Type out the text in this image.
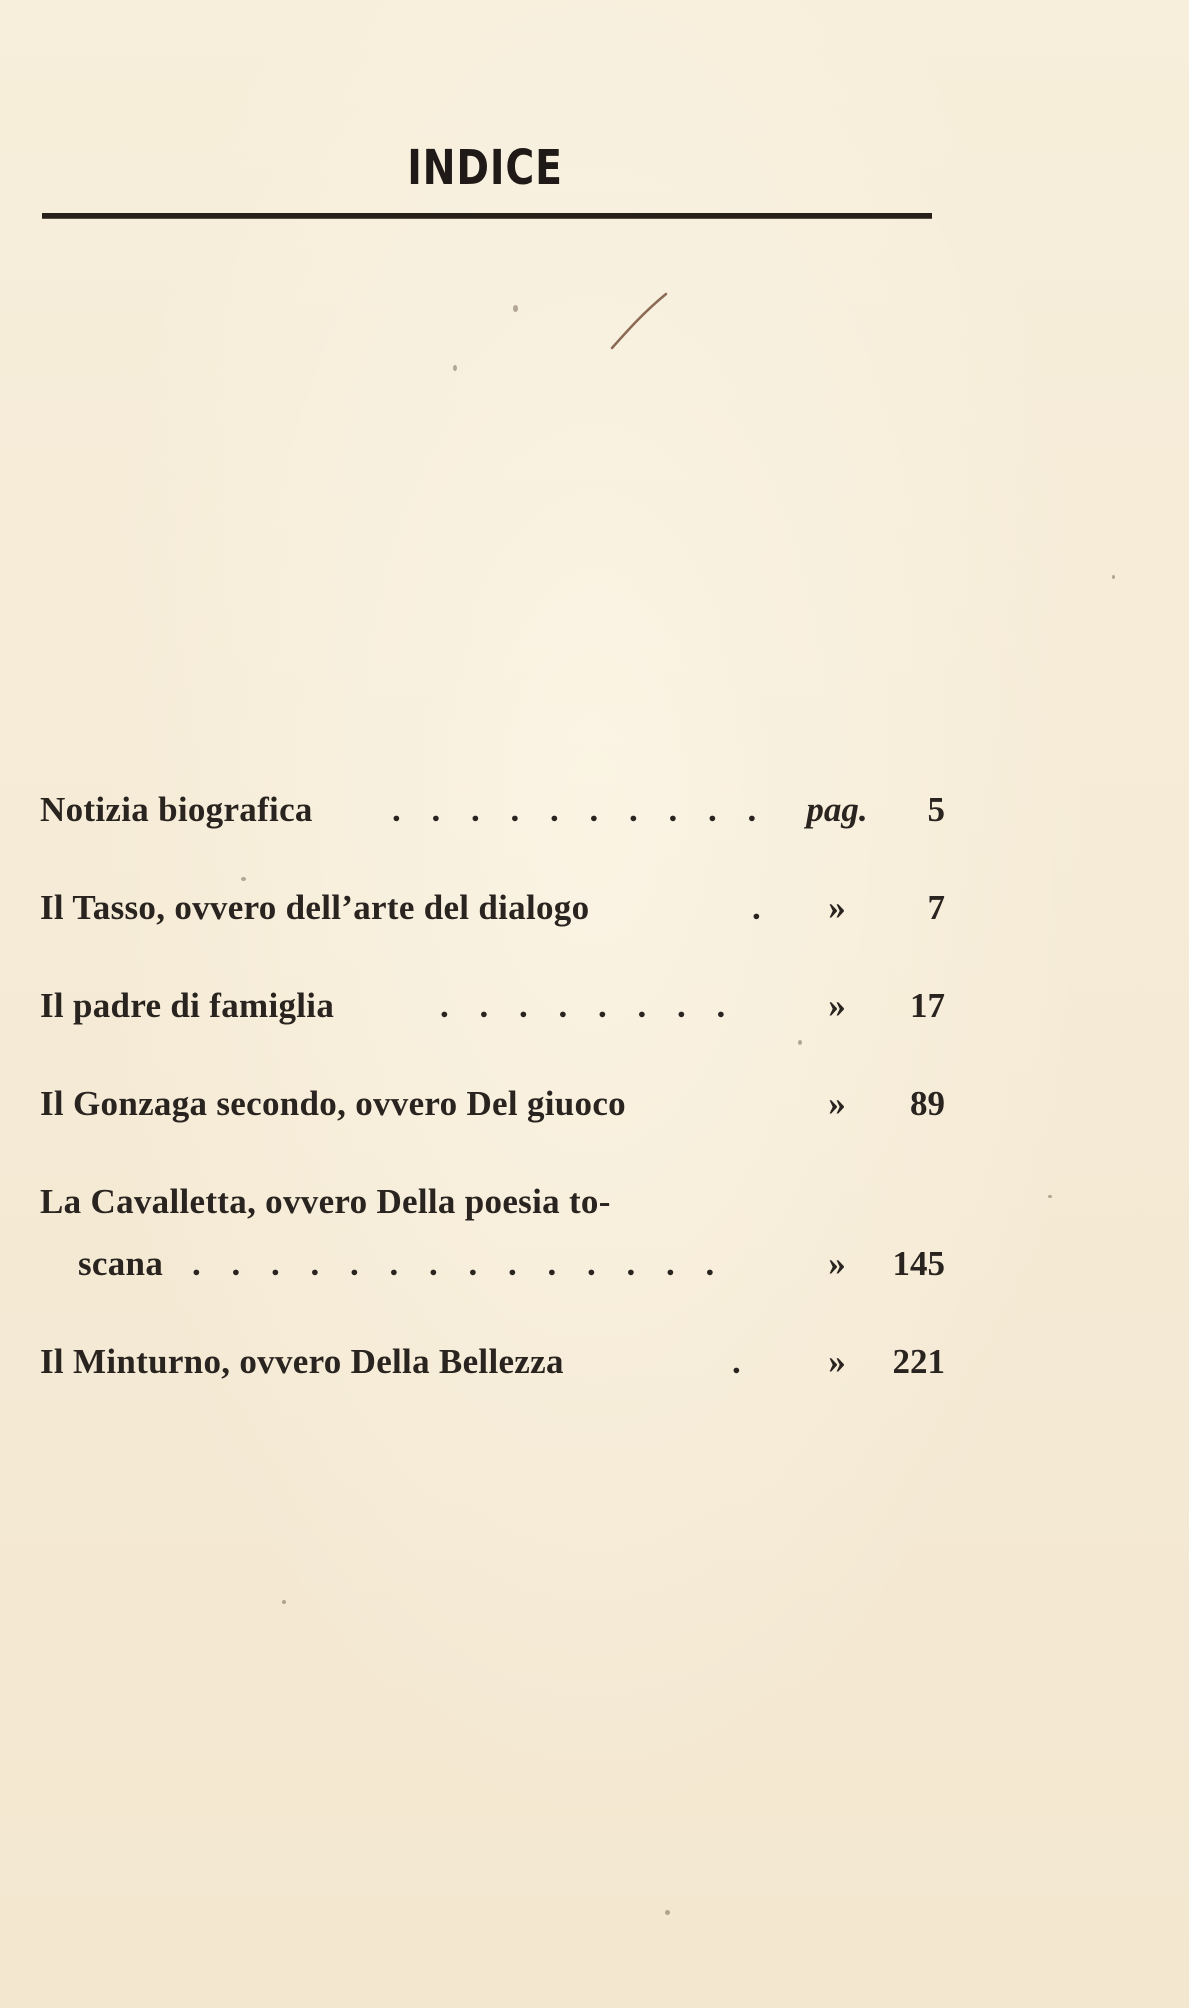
INDICE
Notizia biografica . . . . . . . . . .	pag.	5
Il Tasso, ovvero dell’arte del dialogo	.	»	7
Il padre di famiglia	. . . . . . . .	»	17
Il Gonzaga secondo, ovvero Del giuoco	»	89
La Cavalletta, ovvero Della poesia to-
scana . . . . . . . . . . . . . .	»	145
Il Minturno, ovvero Della Bellezza	.	»	221
